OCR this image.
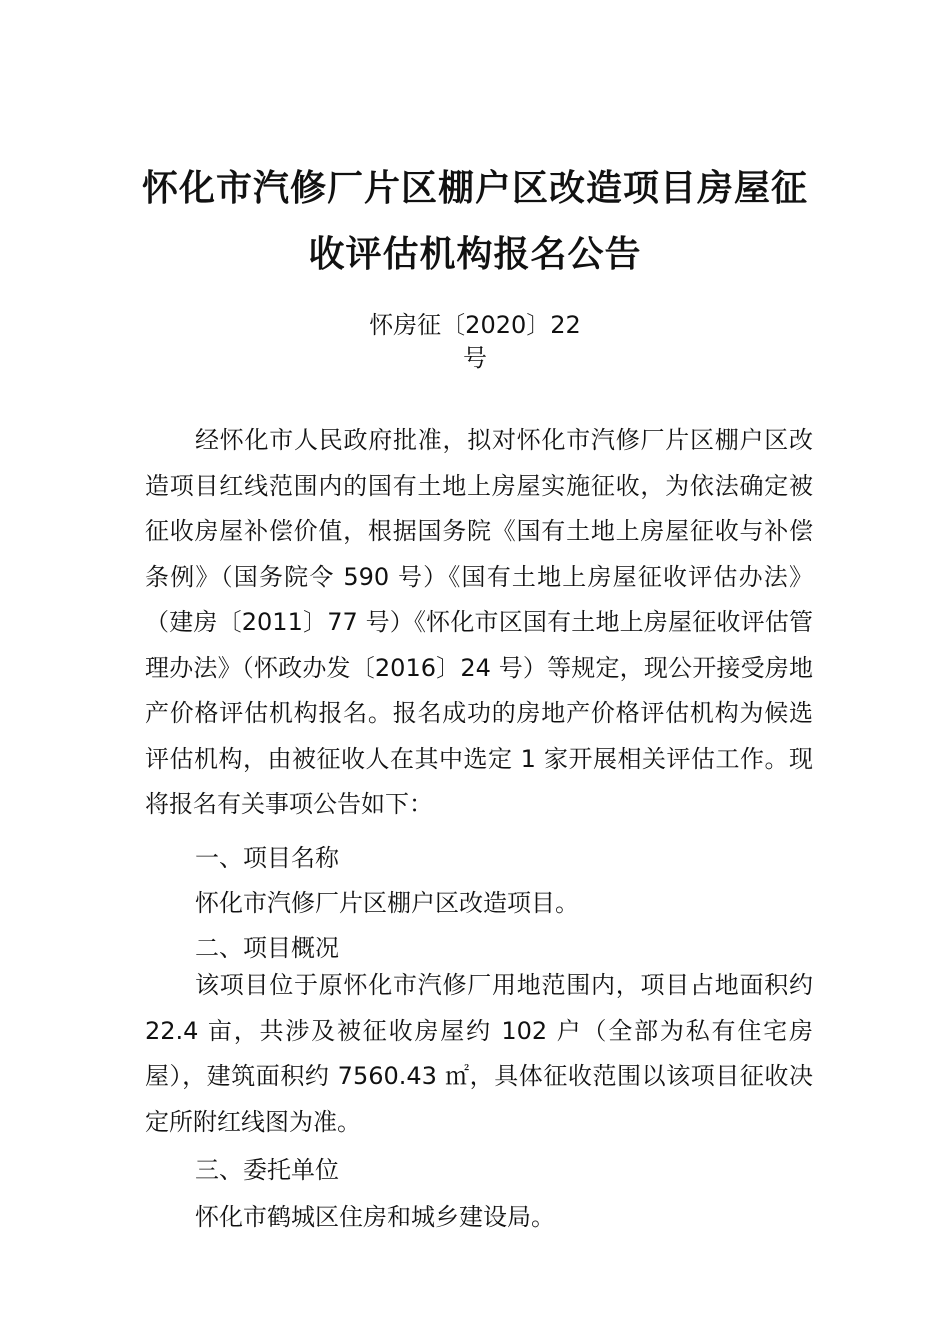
怀化市汽修厂片区棚户区改造项目房屋征
收评估机构报名公告
怀房征〔2020〕22
号

经怀化市人民政府批准，拟对怀化市汽修厂片区棚户区改造项目红线范围内的国有土地上房屋实施征收，为依法确定被征收房屋补偿价值，根据国务院《国有土地上房屋征收与补偿条例》（国务院令 590 号）《国有土地上房屋征收评估办法》（建房〔2011〕77 号）《怀化市区国有土地上房屋征收评估管理办法》（怀政办发〔2016〕24 号）等规定，现公开接受房地产价格评估机构报名。报名成功的房地产价格评估机构为候选评估机构，由被征收人在其中选定 1 家开展相关评估工作。现将报名有关事项公告如下：

一、项目名称
怀化市汽修厂片区棚户区改造项目。
二、项目概况

该项目位于原怀化市汽修厂用地范围内，项目占地面积约 22.4 亩，共涉及被征收房屋约 102 户（全部为私有住宅房屋），建筑面积约 7560.43 ㎡，具体征收范围以该项目征收决定所附红线图为准。

三、委托单位
怀化市鹤城区住房和城乡建设局。
